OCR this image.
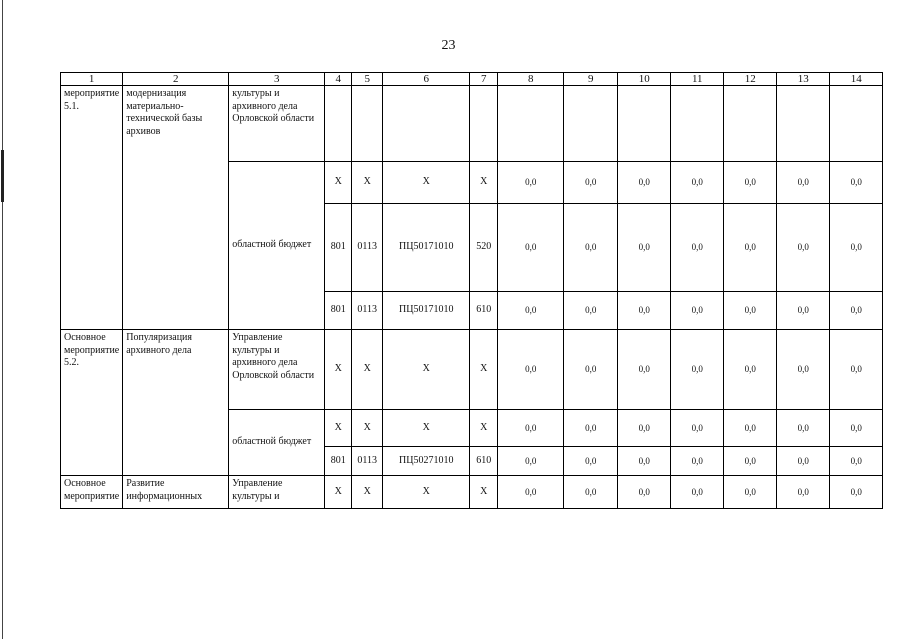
23
1	2	3	4	5	6	7	8	9	10	11	12	13	14
мероприятие 5.1.	модернизация материально-технической базы архивов	культуры и архивного дела Орловской области											
		областной бюджет	Х	Х	Х	Х	0,0	0,0	0,0	0,0	0,0	0,0	0,0
			801	0113	ПЦ50171010	520	0,0	0,0	0,0	0,0	0,0	0,0	0,0
			801	0113	ПЦ50171010	610	0,0	0,0	0,0	0,0	0,0	0,0	0,0
Основное мероприятие 5.2.	Популяризация архивного дела	Управление культуры и архивного дела Орловской области	Х	Х	Х	Х	0,0	0,0	0,0	0,0	0,0	0,0	0,0
		областной бюджет	Х	Х	Х	Х	0,0	0,0	0,0	0,0	0,0	0,0	0,0
			801	0113	ПЦ50271010	610	0,0	0,0	0,0	0,0	0,0	0,0	0,0
Основное мероприятие	Развитие информационных	Управление культуры и	Х	Х	Х	Х	0,0	0,0	0,0	0,0	0,0	0,0	0,0
